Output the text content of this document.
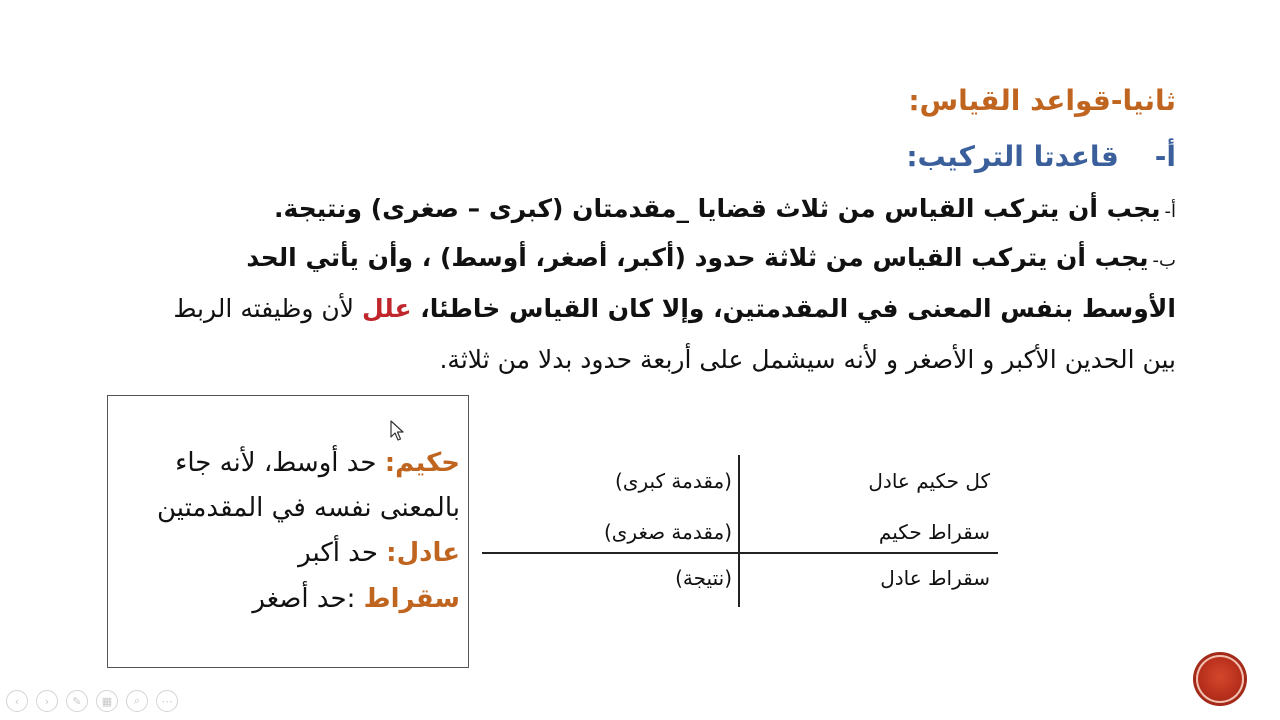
ثانيا-قواعد القياس:
أ-قاعدتا التركيب:
أ-يجب أن يتركب القياس من ثلاث قضايا _مقدمتان (كبرى – صغرى) ونتيجة.
ب-يجب أن يتركب القياس من ثلاثة حدود (أكبر، أصغر، أوسط) ، وأن يأتي الحد
الأوسط بنفس المعنى في المقدمتين، وإلا كان القياس خاطئا، علل لأن وظيفته الربط
بين الحدين الأكبر و الأصغر و لأنه سيشمل على أربعة حدود بدلا من ثلاثة.
حكيم: حد أوسط، لأنه جاء
بالمعنى نفسه في المقدمتين
عادل: حد أكبر
سقراط :حد أصغر
كل حكيم عادل
(مقدمة كبرى)
سقراط حكيم
(مقدمة صغرى)
سقراط عادل
(نتيجة)
‹ › ✎ ▦ ⌕ ⋯
